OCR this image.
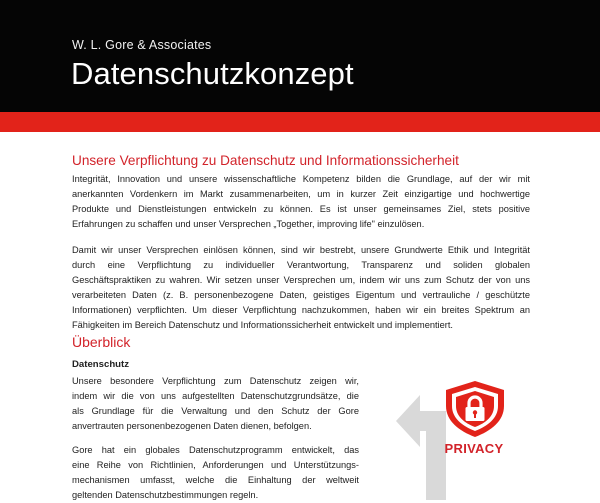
W. L. Gore & Associates
Datenschutzkonzept
Unsere Verpflichtung zu Datenschutz und Informationssicherheit

Integrität, Innovation und unsere wissenschaftliche Kompetenz bilden die Grundlage, auf der wir mit
anerkannten Vordenkern im Markt zusammenarbeiten, um in kurzer Zeit einzigartige und hochwertige
Produkte und Dienstleistungen entwickeln zu können. Es ist unser gemeinsames Ziel, stets positive
Erfahrungen zu schaffen und unser Versprechen „Together, improving life" einzulösen.

Damit wir unser Versprechen einlösen können, sind wir bestrebt, unsere Grundwerte Ethik und Integrität
durch eine Verpflichtung zu individueller Verantwortung, Transparenz und soliden globalen
Geschäftspraktiken zu wahren. Wir setzen unser Versprechen um, indem wir uns zum Schutz der von uns
verarbeiteten Daten (z. B. personenbezogene Daten, geistiges Eigentum und vertrauliche / geschützte
Informationen) verpflichten. Um dieser Verpflichtung nachzukommen, haben wir ein breites Spektrum an
Fähigkeiten im Bereich Datenschutz und Informationssicherheit entwickelt und implementiert.

Überblick
Datenschutz

Unsere besondere Verpflichtung zum Datenschutz zeigen wir,
indem wir die von uns aufgestellten Datenschutzgrundsätze, die
als Grundlage für die Verwaltung und den Schutz der Gore
anvertrauten personenbezogenen Daten dienen, befolgen.

Gore hat ein globales Datenschutzprogramm entwickelt, das
eine Reihe von Richtlinien, Anforderungen und Unterstützungs-
mechanismen umfasst, welche die Einhaltung der weltweit
geltenden Datenschutzbestimmungen regeln.

PRIVACY
